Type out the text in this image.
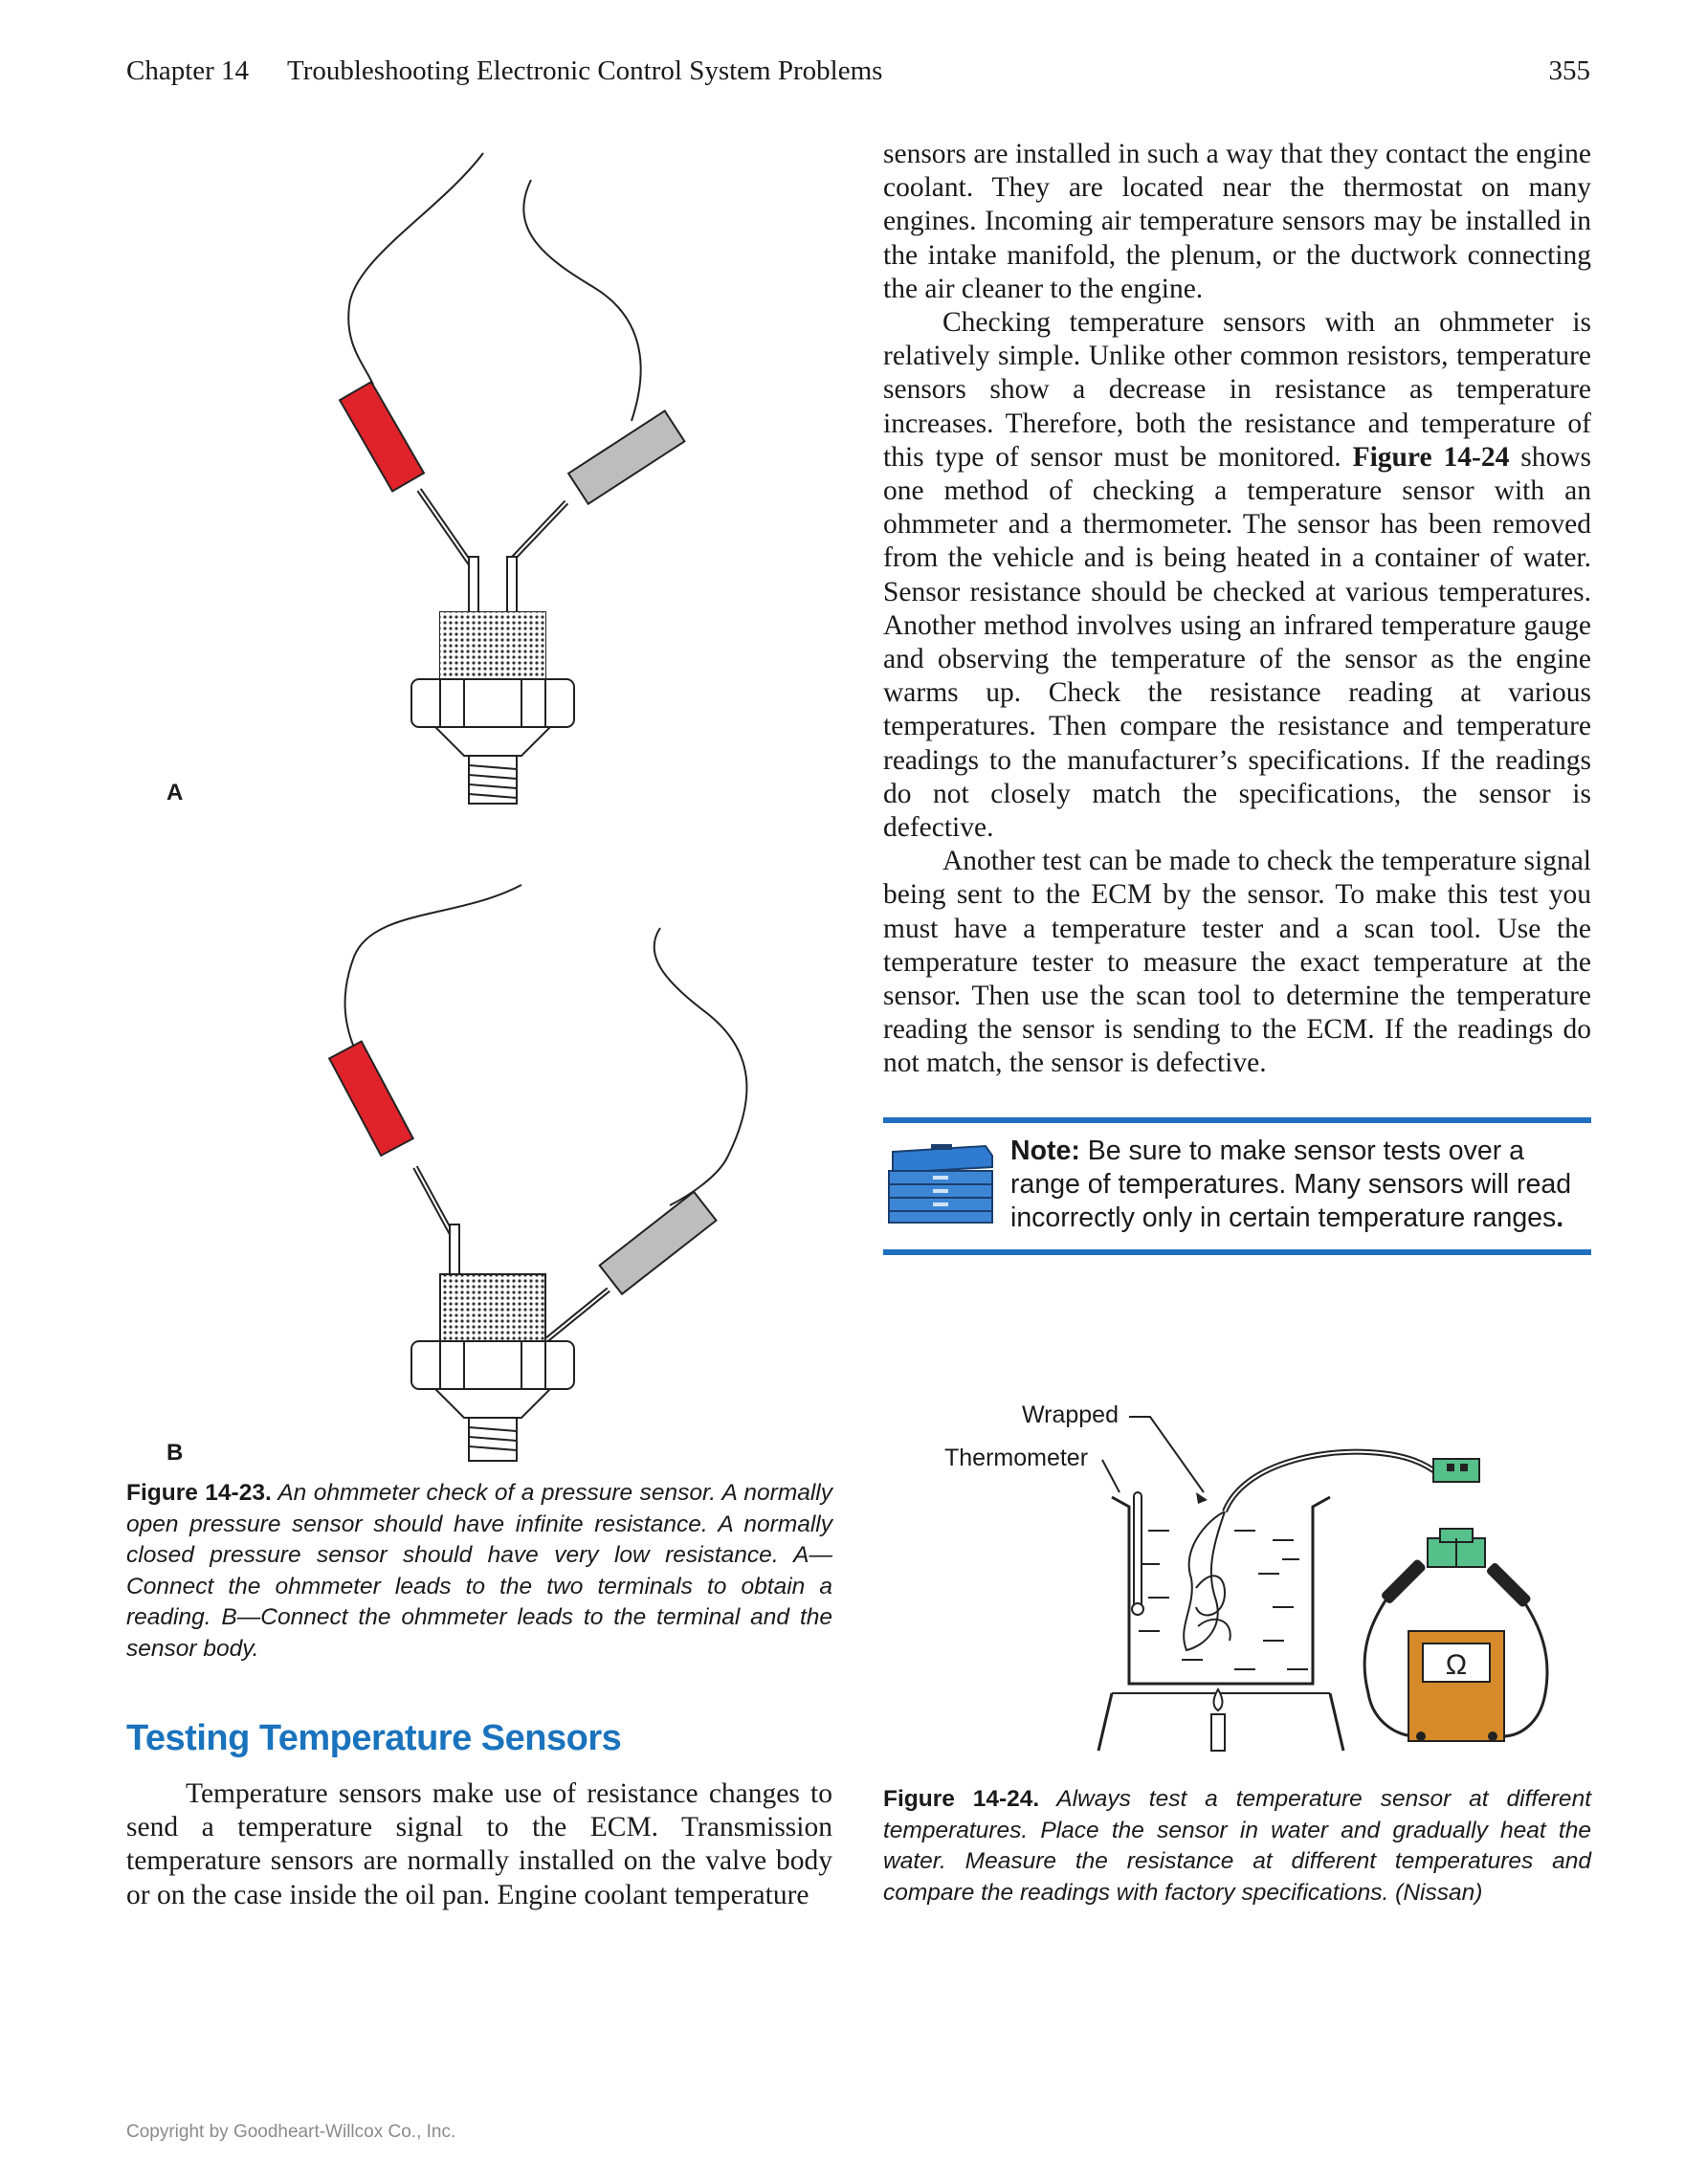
Chapter 14 Troubleshooting Electronic Control System Problems	355
A
B
Figure 14-23. An ohmmeter check of a pressure sensor. A normally open pressure sensor should have infinite resistance. A normally closed pressure sensor should have very low resistance. A—Connect the ohmmeter leads to the two terminals to obtain a reading. B—Connect the ohmmeter leads to the terminal and the sensor body.
Testing Temperature Sensors

Temperature sensors make use of resistance changes to send a temperature signal to the ECM. Transmission temperature sensors are normally installed on the valve body or on the case inside the oil pan. Engine coolant temperature

sensors are installed in such a way that they contact the engine coolant. They are located near the thermostat on many engines. Incoming air temperature sensors may be installed in the intake manifold, the plenum, or the ductwork connecting the air cleaner to the engine.

Checking temperature sensors with an ohmmeter is relatively simple. Unlike other common resistors, temperature sensors show a decrease in resistance as temperature increases. Therefore, both the resistance and temperature of this type of sensor must be monitored. Figure 14-24 shows one method of checking a temperature sensor with an ohmmeter and a thermometer. The sensor has been removed from the vehicle and is being heated in a container of water. Sensor resistance should be checked at various temperatures. Another method involves using an infrared temperature gauge and observing the temperature of the sensor as the engine warms up. Check the resistance reading at various temperatures. Then compare the resistance and temperature readings to the manufacturer’s specifications. If the readings do not closely match the specifications, the sensor is defective.

Another test can be made to check the temperature signal being sent to the ECM by the sensor. To make this test you must have a temperature tester and a scan tool. Use the temperature tester to measure the exact temperature at the sensor. Then use the scan tool to determine the temperature reading the sensor is sending to the ECM. If the readings do not match, the sensor is defective.

Note: Be sure to make sensor tests over a range of temperatures. Many sensors will read incorrectly only in certain temperature ranges.
Wrapped
Thermometer
Ω
Figure 14-24. Always test a temperature sensor at different temperatures. Place the sensor in water and gradually heat the water. Measure the resistance at different temperatures and compare the readings with factory specifications. (Nissan)
Copyright by Goodheart-Willcox Co., Inc.
